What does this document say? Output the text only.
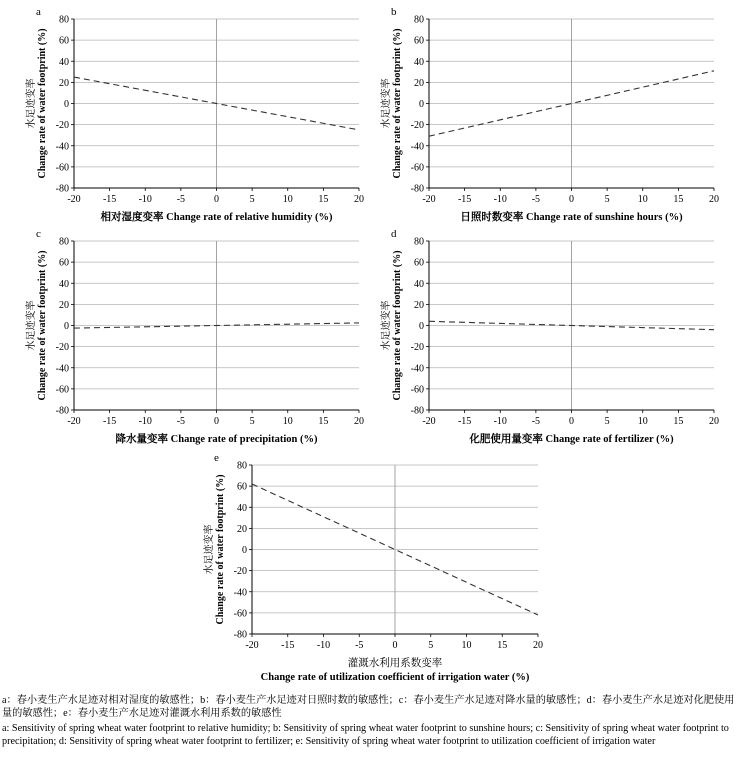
80
60
40
20
0
-20
-40
-60
-80
-20 -15 -10 -5	0	5	10	15	20
a
水足迹变率 Change rate of water footprint (%)
相对湿度变率 Change rate of relative humidity (%)
80
60
40
20
0
-20
-40
-60
-80
-20 -15 -10 -5	0	5	10	15	20
b
水足迹变率 Change rate of water footprint (%)
日照时数变率 Change rate of sunshine hours (%)
80
60
40
20
0
-20
-40
-60
-80
-20 -15 -10 -5	0	5	10	15	20
c
水足迹变率 Change rate of water footprint (%)
降水量变率 Change rate of precipitation (%)
80
60
40
20
0
-20
-40
-60
-80
-20 -15 -10 -5	0	5	10	15	20
d
水足迹变率 Change rate of water footprint (%)
化肥使用量变率 Change rate of fertilizer (%)
80
60
40
20
0
-20
-40
-60
-80
-20 -15 -10 -5	0	5	10	15	20
e
水足迹变率 Change rate of water footprint (%)
灌溉水利用系数变率
Change rate of utilization coefficient of irrigation water (%)
a：春小麦生产水足迹对相对湿度的敏感性；b：春小麦生产水足迹对日照时数的敏感性；c：春小麦生产水足迹对降水量的敏感性；d：春小麦生产水足迹对化肥使用量的敏感性；e：春小麦生产水足迹对灌溉水利用系数的敏感性
a: Sensitivity of spring wheat water footprint to relative humidity; b: Sensitivity of spring wheat water footprint to sunshine hours; c: Sensitivity of spring wheat water footprint to precipitation; d: Sensitivity of spring wheat water footprint to fertilizer; e: Sensitivity of spring wheat water footprint to utilization coefficient of irrigation water
